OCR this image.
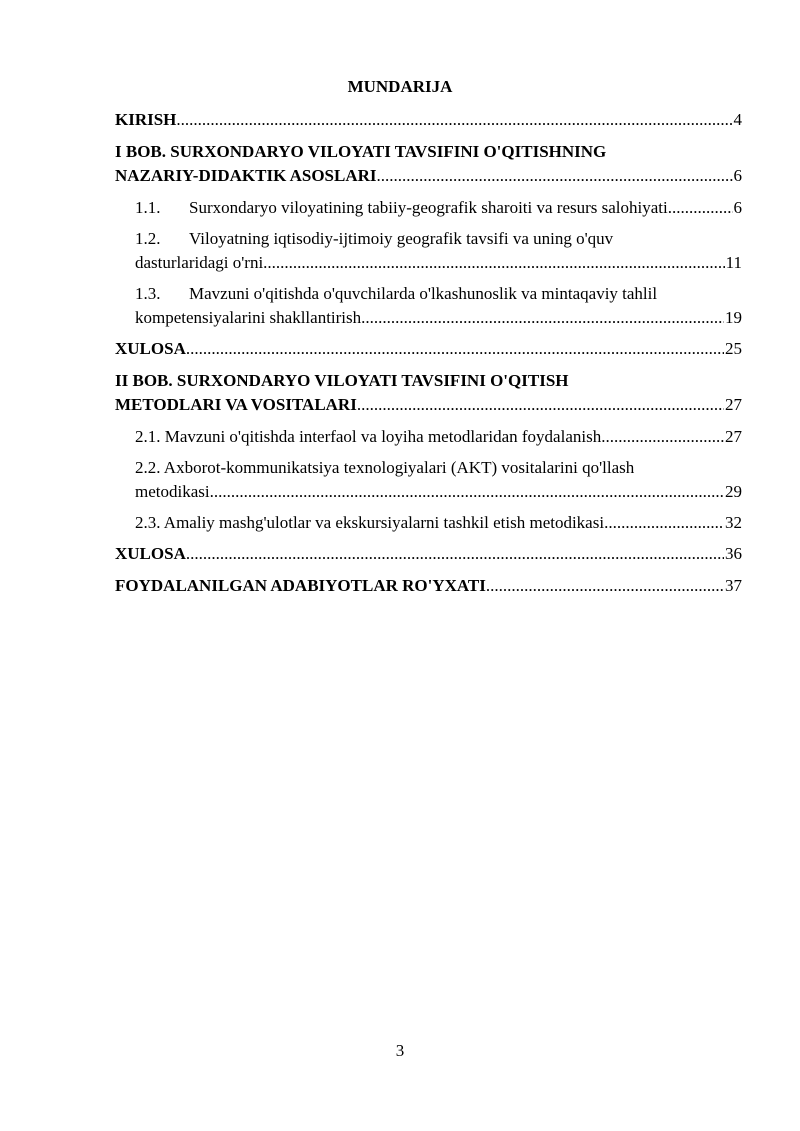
MUNDARIJA
KIRISH .....	4
I BOB. SURXONDARYO VILOYATI TAVSIFINI O'QITISHNING
NAZARIY-DIDAKTIK ASOSLARI .....	6
1.1. Surxondaryo viloyatining tabiiy-geografik sharoiti va resurs salohiyati .....	6
1.2. Viloyatning iqtisodiy-ijtimoiy geografik tavsifi va uning o'quv
dasturlaridagi o'rni .....	11
1.3. Mavzuni o'qitishda o'quvchilarda o'lkashunoslik va mintaqaviy tahlil
kompetensiyalarini shakllantirish .....	19
XULOSA .....	25
II BOB. SURXONDARYO VILOYATI TAVSIFINI O'QITISH
METODLARI VA VOSITALARI .....	27
2.1. Mavzuni o'qitishda interfaol va loyiha metodlaridan foydalanish .....	27
2.2. Axborot-kommunikatsiya texnologiyalari (AKT) vositalarini qo'llash
metodikasi .....	29
2.3. Amaliy mashg'ulotlar va ekskursiyalarni tashkil etish metodikasi .....	32
XULOSA .....	36
FOYDALANILGAN ADABIYOTLAR RO'YXATI .....	37
3
